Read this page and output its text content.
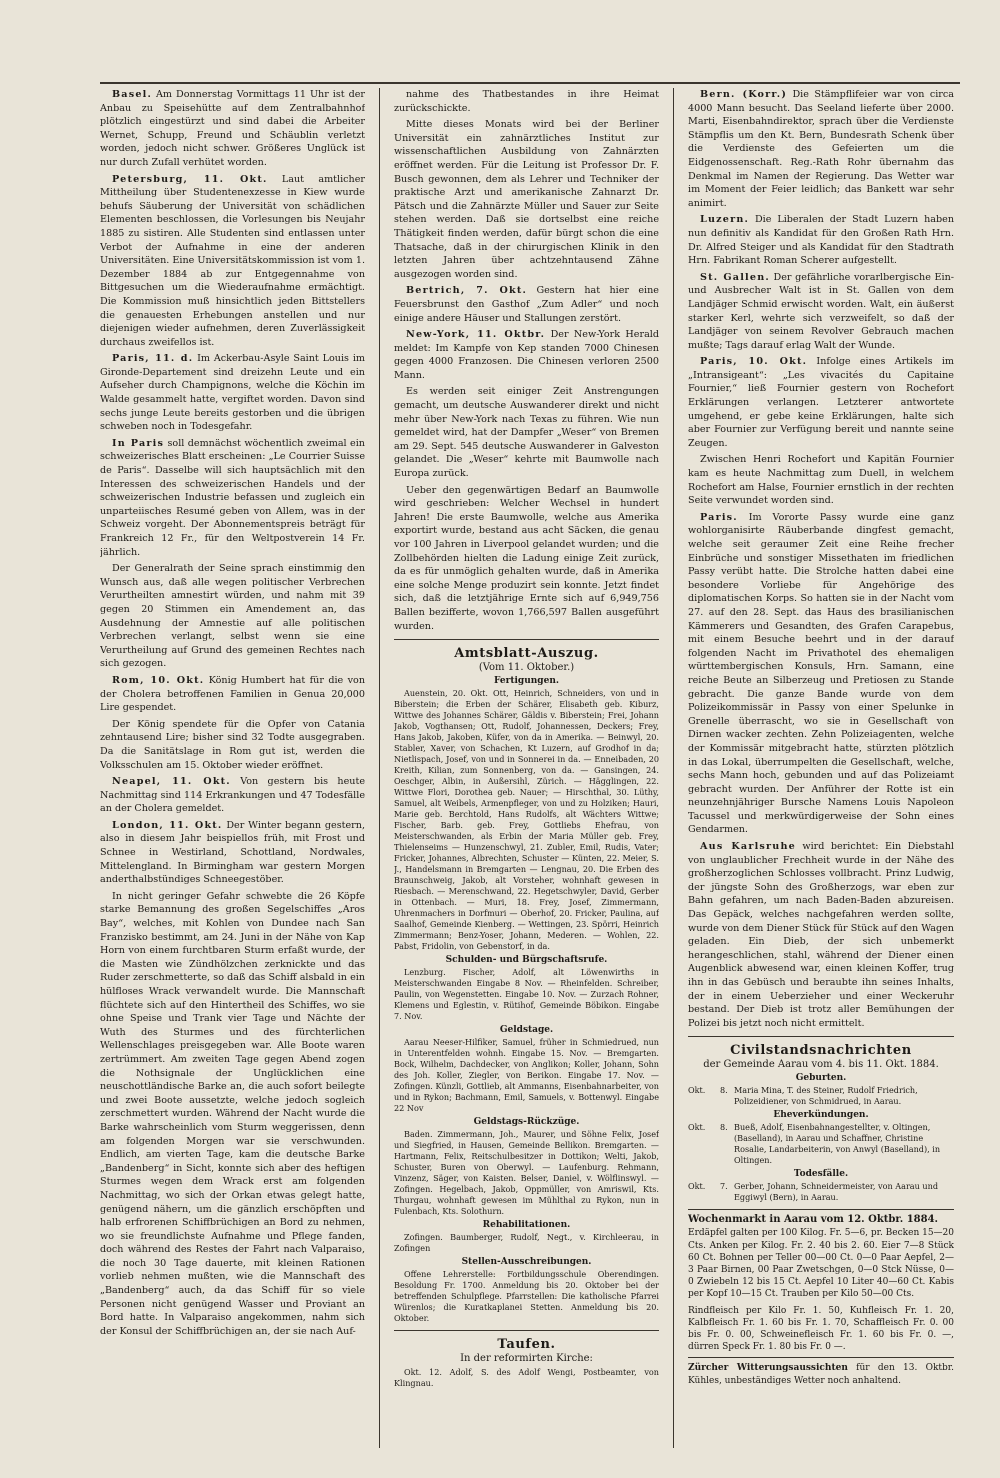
Basel. Am Donnerstag Vormittags 11 Uhr ist der Anbau zu Speisehütte auf dem Zentralbahnhof plötzlich eingestürzt und sind dabei die Arbeiter Wernet, Schupp, Freund und Schäublin verletzt worden, jedoch nicht schwer. Größeres Unglück ist nur durch Zufall verhütet worden.

Petersburg, 11. Okt. Laut amtlicher Mittheilung über Studentenexzesse in Kiew wurde behufs Säuberung der Universität von schädlichen Elementen beschlossen, die Vorlesungen bis Neujahr 1885 zu sistiren. Alle Studenten sind entlassen unter Verbot der Aufnahme in eine der anderen Universitäten. Eine Universitätskommission ist vom 1. Dezember 1884 ab zur Entgegennahme von Bittgesuchen um die Wiederaufnahme ermächtigt. Die Kommission muß hinsichtlich jeden Bittstellers die genauesten Erhebungen anstellen und nur diejenigen wieder aufnehmen, deren Zuverlässigkeit durchaus zweifellos ist.

Paris, 11. d. Im Ackerbau-Asyle Saint Louis im Gironde-Departement sind dreizehn Leute und ein Aufseher durch Champignons, welche die Köchin im Walde gesammelt hatte, vergiftet worden. Davon sind sechs junge Leute bereits gestorben und die übrigen schweben noch in Todesgefahr.

In Paris soll demnächst wöchentlich zweimal ein schweizerisches Blatt erscheinen: „Le Courrier Suisse de Paris“. Dasselbe will sich hauptsächlich mit den Interessen des schweizerischen Handels und der schweizerischen Industrie befassen und zugleich ein unparteiisches Resumé geben von Allem, was in der Schweiz vorgeht. Der Abonnementspreis beträgt für Frankreich 12 Fr., für den Weltpostverein 14 Fr. jährlich.

Der Generalrath der Seine sprach einstimmig den Wunsch aus, daß alle wegen politischer Verbrechen Verurtheilten amnestirt würden, und nahm mit 39 gegen 20 Stimmen ein Amendement an, das Ausdehnung der Amnestie auf alle politischen Verbrechen verlangt, selbst wenn sie eine Verurtheilung auf Grund des gemeinen Rechtes nach sich gezogen.

Rom, 10. Okt. König Humbert hat für die von der Cholera betroffenen Familien in Genua 20,000 Lire gespendet.

Der König spendete für die Opfer von Catania zehntausend Lire; bisher sind 32 Todte ausgegraben. Da die Sanitätslage in Rom gut ist, werden die Volksschulen am 15. Oktober wieder eröffnet.

Neapel, 11. Okt. Von gestern bis heute Nachmittag sind 114 Erkrankungen und 47 Todesfälle an der Cholera gemeldet.

London, 11. Okt. Der Winter begann gestern, also in diesem Jahr beispiellos früh, mit Frost und Schnee in Westirland, Schottland, Nordwales, Mittelengland. In Birmingham war gestern Morgen anderthalbstündiges Schneegestöber.

In nicht geringer Gefahr schwebte die 26 Köpfe starke Bemannung des großen Segelschiffes „Aros Bay“, welches, mit Kohlen von Dundee nach San Franzisko bestimmt, am 24. Juni in der Nähe von Kap Horn von einem furchtbaren Sturm erfaßt wurde, der die Masten wie Zündhölzchen zerknickte und das Ruder zerschmetterte, so daß das Schiff alsbald in ein hülfloses Wrack verwandelt wurde. Die Mannschaft flüchtete sich auf den Hintertheil des Schiffes, wo sie ohne Speise und Trank vier Tage und Nächte der Wuth des Sturmes und des fürchterlichen Wellenschlages preisgegeben war. Alle Boote waren zertrümmert. Am zweiten Tage gegen Abend zogen die Nothsignale der Unglücklichen eine neuschottländische Barke an, die auch sofort beilegte und zwei Boote aussetzte, welche jedoch sogleich zerschmettert wurden. Während der Nacht wurde die Barke wahrscheinlich vom Sturm weggerissen, denn am folgenden Morgen war sie verschwunden. Endlich, am vierten Tage, kam die deutsche Barke „Bandenberg“ in Sicht, konnte sich aber des heftigen Sturmes wegen dem Wrack erst am folgenden Nachmittag, wo sich der Orkan etwas gelegt hatte, genügend nähern, um die gänzlich erschöpften und halb erfrorenen Schiffbrüchigen an Bord zu nehmen, wo sie freundlichste Aufnahme und Pflege fanden, doch während des Restes der Fahrt nach Valparaiso, die noch 30 Tage dauerte, mit kleinen Rationen vorlieb nehmen mußten, wie die Mannschaft des „Bandenberg“ auch, da das Schiff für so viele Personen nicht genügend Wasser und Proviant an Bord hatte. In Valparaiso angekommen, nahm sich der Konsul der Schiffbrüchigen an, der sie nach Auf-

nahme des Thatbestandes in ihre Heimat zurückschickte.

Mitte dieses Monats wird bei der Berliner Universität ein zahnärztliches Institut zur wissenschaftlichen Ausbildung von Zahnärzten eröffnet werden. Für die Leitung ist Professor Dr. F. Busch gewonnen, dem als Lehrer und Techniker der praktische Arzt und amerikanische Zahnarzt Dr. Pätsch und die Zahnärzte Müller und Sauer zur Seite stehen werden. Daß sie dortselbst eine reiche Thätigkeit finden werden, dafür bürgt schon die eine Thatsache, daß in der chirurgischen Klinik in den letzten Jahren über achtzehntausend Zähne ausgezogen worden sind.

Bertrich, 7. Okt. Gestern hat hier eine Feuersbrunst den Gasthof „Zum Adler“ und noch einige andere Häuser und Stallungen zerstört.

New-York, 11. Oktbr. Der New-York Herald meldet: Im Kampfe von Kep standen 7000 Chinesen gegen 4000 Franzosen. Die Chinesen verloren 2500 Mann.

Es werden seit einiger Zeit Anstrengungen gemacht, um deutsche Auswanderer direkt und nicht mehr über New-York nach Texas zu führen. Wie nun gemeldet wird, hat der Dampfer „Weser“ von Bremen am 29. Sept. 545 deutsche Auswanderer in Galveston gelandet. Die „Weser“ kehrte mit Baumwolle nach Europa zurück.

Ueber den gegenwärtigen Bedarf an Baumwolle wird geschrieben: Welcher Wechsel in hundert Jahren! Die erste Baumwolle, welche aus Amerika exportirt wurde, bestand aus acht Säcken, die genau vor 100 Jahren in Liverpool gelandet wurden; und die Zollbehörden hielten die Ladung einige Zeit zurück, da es für unmöglich gehalten wurde, daß in Amerika eine solche Menge produzirt sein konnte. Jetzt findet sich, daß die letztjährige Ernte sich auf 6,949,756 Ballen bezifferte, wovon 1,766,597 Ballen ausgeführt wurden.

Amtsblatt-Auszug.
(Vom 11. Oktober.)
Fertigungen.

Auenstein, 20. Okt. Ott, Heinrich, Schneiders, von und in Biberstein; die Erben der Schärer, Elisabeth geb. Kiburz, Wittwe des Johannes Schärer, Gäldis v. Biberstein; Frei, Johann Jakob, Vogthansen; Ott, Rudolf, Johannessen, Deckers; Frey, Hans Jakob, Jakoben, Küfer, von da in Amerika. — Beinwyl, 20. Stabler, Xaver, von Schachen, Kt Luzern, auf Grodhof in da; Nietlispach, Josef, von und in Sonnerei in da. — Enneibaden, 20 Kreith, Kilian, zum Sonnenberg, von da. — Gansingen, 24. Oeschger, Albin, in Außersihl, Zürich. — Hägglingen, 22. Wittwe Flori, Dorothea geb. Nauer; — Hirschthal, 30. Lüthy, Samuel, alt Weibels, Armenpfleger, von und zu Holziken; Hauri, Marie geb. Berchtold, Hans Rudolfs, alt Wächters Wittwe; Fischer, Barb. geb. Frey, Gottliebs Ehefrau, von Meisterschwanden, als Erbin der Maria Müller geb. Frey, Thielenseims — Hunzenschwyl, 21. Zubler, Emil, Rudis, Vater; Fricker, Johannes, Albrechten, Schuster — Künten, 22. Meier, S. J., Handelsmann in Bremgarten — Lengnau, 20. Die Erben des Braunschweig, Jakob, alt Vorsteher, wohnhaft gewesen in Riesbach. — Merenschwand, 22. Hegetschwyler, David, Gerber in Ottenbach. — Muri, 18. Frey, Josef, Zimmermann, Uhrenmachers in Dorfmuri — Oberhof, 20. Fricker, Paulina, auf Saalhof, Gemeinde Kienberg. — Wettingen, 23. Spörri, Heinrich Zimmermann; Benz-Yoser, Johann, Mederen. — Wohlen, 22. Pabst, Fridolin, von Gebenstorf, in da.

Schulden- und Bürgschaftsrufe.

Lenzburg. Fischer, Adolf, alt Löwenwirths in Meisterschwanden Eingabe 8 Nov. — Rheinfelden. Schreiber, Paulin, von Wegenstetten. Eingabe 10. Nov. — Zurzach Rohner, Klemens und Eglestin, v. Rütihof, Gemeinde Böbikon. Eingabe 7. Nov.

Geldstage.

Aarau Neeser-Hilfiker, Samuel, früher in Schmiedrued, nun in Unterentfelden wohnh. Eingabe 15. Nov. — Bremgarten. Bock, Wilhelm, Dachdecker, von Anglikon; Koller, Johann, Sohn des Joh. Koller, Ziegler, von Berikon. Eingabe 17. Nov. — Zofingen. Künzli, Gottlieb, alt Ammanns, Eisenbahnarbeiter, von und in Rykon; Bachmann, Emil, Samuels, v. Bottenwyl. Eingabe 22 Nov

Geldstags-Rückzüge.

Baden. Zimmermann, Joh., Maurer, und Söhne Felix, Josef und Siegfried, in Hausen, Gemeinde Bellikon. Bremgarten. — Hartmann, Felix, Reitschulbesitzer in Dottikon; Welti, Jakob, Schuster, Buren von Oberwyl. — Laufenburg. Rehmann, Vinzenz, Säger, von Kaisten. Belser, Daniel, v. Wölflinswyl. — Zofingen. Hegelbach, Jakob, Oppmüller, von Amriswil, Kts. Thurgau, wohnhaft gewesen im Mühlthal zu Rykon, nun in Fulenbach, Kts. Solothurn.

Rehabilitationen.

Zofingen. Baumberger, Rudolf, Negt., v. Kirchleerau, in Zofingen

Stellen-Ausschreibungen.

Offene Lehrerstelle: Fortbildungsschule Oberendingen. Besoldung Fr. 1700. Anmeldung bis 20. Oktober bei der betreffenden Schulpflege. Pfarrstellen: Die katholische Pfarrei Würenlos; die Kuratkaplanei Stetten. Anmeldung bis 20. Oktober.

Taufen.
In der reformirten Kirche:

Okt. 12. Adolf, S. des Adolf Wengi, Postbeamter, von Klingnau.

Bern. (Korr.) Die Stämpflifeier war von circa 4000 Mann besucht. Das Seeland lieferte über 2000. Marti, Eisenbahndirektor, sprach über die Verdienste Stämpflis um den Kt. Bern, Bundesrath Schenk über die Verdienste des Gefeierten um die Eidgenossenschaft. Reg.-Rath Rohr übernahm das Denkmal im Namen der Regierung. Das Wetter war im Moment der Feier leidlich; das Bankett war sehr animirt.

Luzern. Die Liberalen der Stadt Luzern haben nun definitiv als Kandidat für den Großen Rath Hrn. Dr. Alfred Steiger und als Kandidat für den Stadtrath Hrn. Fabrikant Roman Scherer aufgestellt.

St. Gallen. Der gefährliche vorarlbergische Ein- und Ausbrecher Walt ist in St. Gallen von dem Landjäger Schmid erwischt worden. Walt, ein äußerst starker Kerl, wehrte sich verzweifelt, so daß der Landjäger von seinem Revolver Gebrauch machen mußte; Tags darauf erlag Walt der Wunde.

Paris, 10. Okt. Infolge eines Artikels im „Intransigeant“: „Les vivacités du Capitaine Fournier,“ ließ Fournier gestern von Rochefort Erklärungen verlangen. Letzterer antwortete umgehend, er gebe keine Erklärungen, halte sich aber Fournier zur Verfügung bereit und nannte seine Zeugen.

Zwischen Henri Rochefort und Kapitän Fournier kam es heute Nachmittag zum Duell, in welchem Rochefort am Halse, Fournier ernstlich in der rechten Seite verwundet worden sind.

Paris. Im Vororte Passy wurde eine ganz wohlorganisirte Räuberbande dingfest gemacht, welche seit geraumer Zeit eine Reihe frecher Einbrüche und sonstiger Missethaten im friedlichen Passy verübt hatte. Die Strolche hatten dabei eine besondere Vorliebe für Angehörige des diplomatischen Korps. So hatten sie in der Nacht vom 27. auf den 28. Sept. das Haus des brasilianischen Kämmerers und Gesandten, des Grafen Carapebus, mit einem Besuche beehrt und in der darauf folgenden Nacht im Privathotel des ehemaligen württembergischen Konsuls, Hrn. Samann, eine reiche Beute an Silberzeug und Pretiosen zu Stande gebracht. Die ganze Bande wurde von dem Polizeikommissär in Passy von einer Spelunke in Grenelle überrascht, wo sie in Gesellschaft von Dirnen wacker zechten. Zehn Polizeiagenten, welche der Kommissär mitgebracht hatte, stürzten plötzlich in das Lokal, überrumpelten die Gesellschaft, welche, sechs Mann hoch, gebunden und auf das Polizeiamt gebracht wurden. Der Anführer der Rotte ist ein neunzehnjähriger Bursche Namens Louis Napoleon Tacussel und merkwürdigerweise der Sohn eines Gendarmen.

Aus Karlsruhe wird berichtet: Ein Diebstahl von unglaublicher Frechheit wurde in der Nähe des großherzoglichen Schlosses vollbracht. Prinz Ludwig, der jüngste Sohn des Großherzogs, war eben zur Bahn gefahren, um nach Baden-Baden abzureisen. Das Gepäck, welches nachgefahren werden sollte, wurde von dem Diener Stück für Stück auf den Wagen geladen. Ein Dieb, der sich unbemerkt herangeschlichen, stahl, während der Diener einen Augenblick abwesend war, einen kleinen Koffer, trug ihn in das Gebüsch und beraubte ihn seines Inhalts, der in einem Ueberzieher und einer Weckeruhr bestand. Der Dieb ist trotz aller Bemühungen der Polizei bis jetzt noch nicht ermittelt.

Civilstandsnachrichten
der Gemeinde Aarau vom 4. bis 11. Okt. 1884.
Geburten.
Okt.	8. Maria Mina, T. des Steiner, Rudolf Friedrich, Polizeidiener, von Schmidrued, in Aarau.
Eheverkündungen.
Okt.	8. Bueß, Adolf, Eisenbahnangestellter, v. Oltingen, (Baselland), in Aarau und Schaffner, Christine Rosalie, Landarbeiterin, von Anwyl (Baselland), in Oltingen.
Todesfälle.
Okt.	7. Gerber, Johann, Schneidermeister, von Aarau und Eggiwyl (Bern), in Aarau.
Wochenmarkt in Aarau vom 12. Oktbr. 1884.

Erdäpfel galten per 100 Kilog. Fr. 5—6, pr. Becken 15—20 Cts. Anken per Kilog. Fr. 2. 40 bis 2. 60. Eier 7—8 Stück 60 Ct. Bohnen per Teller 00—00 Ct. 0—0 Paar Aepfel, 2—3 Paar Birnen, 00 Paar Zwetschgen, 0—0 Stck Nüsse, 0—0 Zwiebeln 12 bis 15 Ct. Aepfel 10 Liter 40—60 Ct. Kabis per Kopf 10—15 Ct. Trauben per Kilo 50—00 Cts.

Rindfleisch per Kilo Fr. 1. 50, Kuhfleisch Fr. 1. 20, Kalbfleisch Fr. 1. 60 bis Fr. 1. 70, Schaffleisch Fr. 0. 00 bis Fr. 0. 00, Schweinefleisch Fr. 1. 60 bis Fr. 0. —, dürren Speck Fr. 1. 80 bis Fr. 0 —.

Zürcher Witterungsaussichten für den 13. Oktbr. Kühles, unbeständiges Wetter noch anhaltend.
